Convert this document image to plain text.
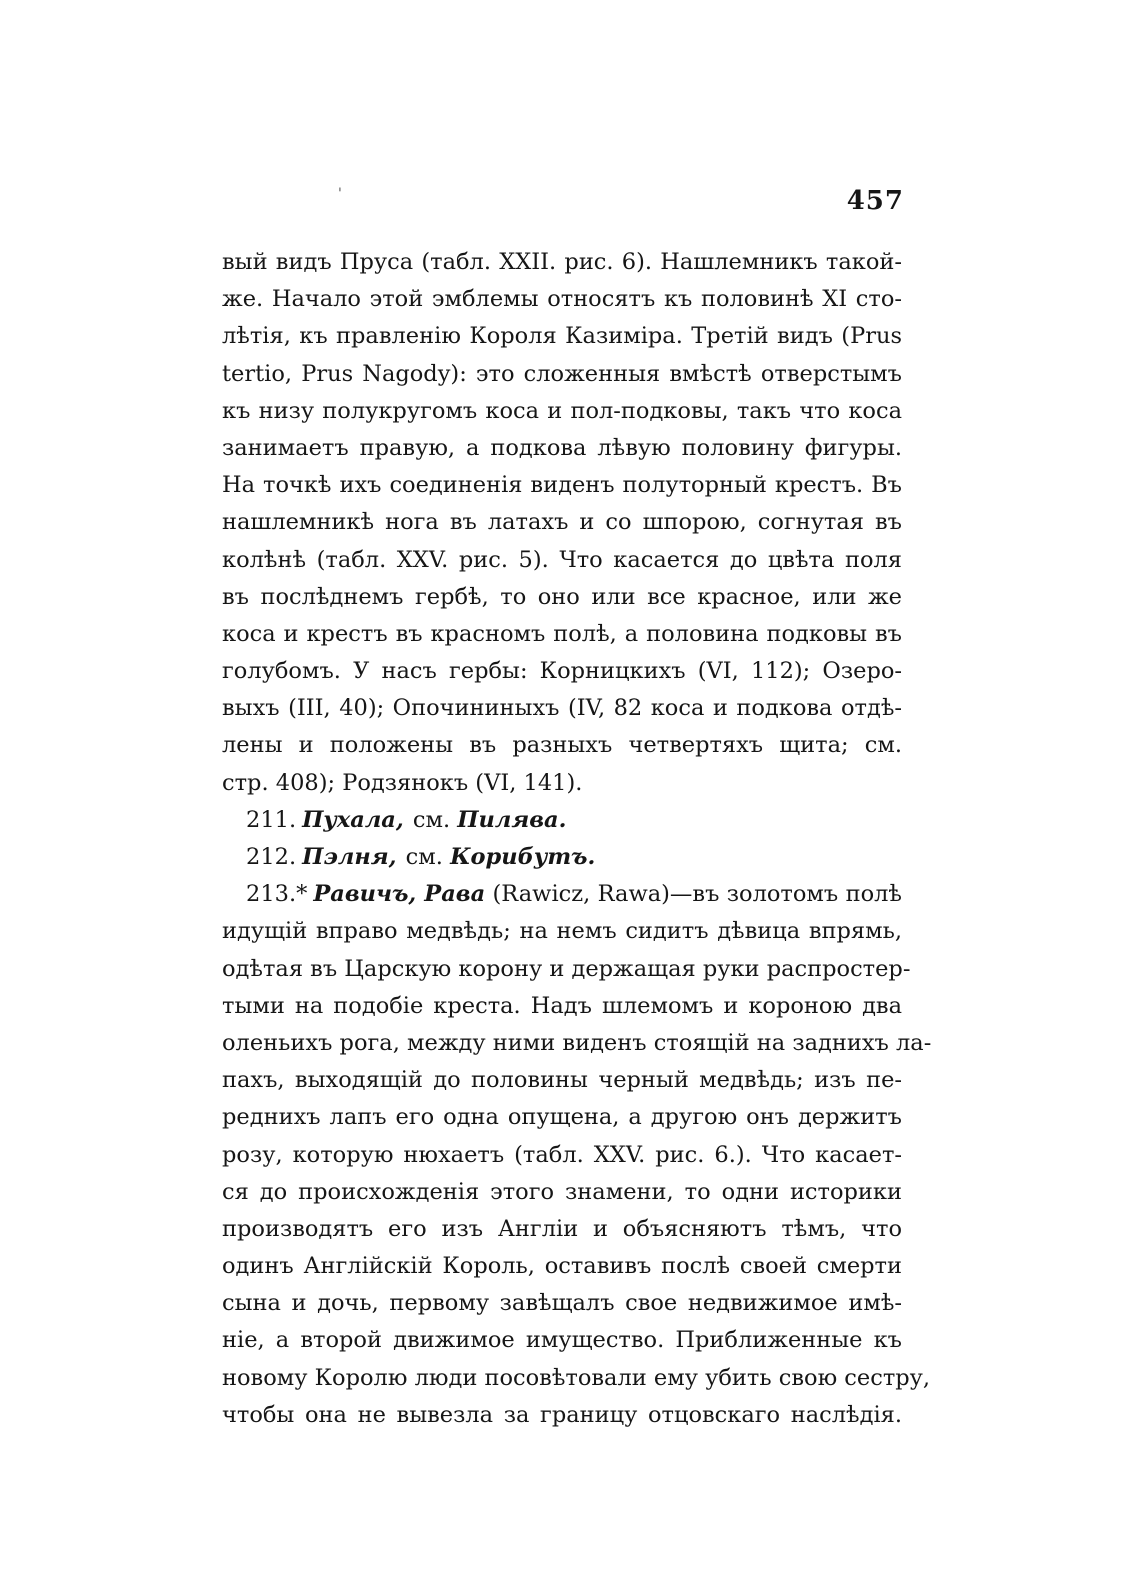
'	457
вый видъ Пруса (табл. XXII. рис. 6). Нашлемникъ такой-
же. Начало этой эмблемы относятъ къ половинѣ XI сто-
лѣтія, къ правленію Короля Казиміра. Третій видъ (Prus
tertio, Prus Nagody): это сложенныя вмѣстѣ отверстымъ
къ низу полукругомъ коса и пол-подковы, такъ что коса
занимаетъ правую, а подкова лѣвую половину фигуры.
На точкѣ ихъ соединенія виденъ полуторный крестъ. Въ
нашлемникѣ нога въ латахъ и со шпорою, согнутая въ
колѣнѣ (табл. XXV. рис. 5). Что касается до цвѣта поля
въ послѣднемъ гербѣ, то оно или все красное, или же
коса и крестъ въ красномъ полѣ, а половина подковы въ
голубомъ. У насъ гербы: Корницкихъ (VI, 112); Озеро-
выхъ (III, 40); Опочининыхъ (IV, 82 коса и подкова отдѣ-
лены и положены въ разныхъ четвертяхъ щита; см.
стр. 408); Родзянокъ (VI, 141).
211. Пухала, см. Пилява.
212. Пэлня, см. Корибутъ.
213.* Равичъ, Рава (Rawicz, Rawa)—въ золотомъ полѣ
идущій вправо медвѣдь; на немъ сидитъ дѣвица впрямь,
одѣтая въ Царскую корону и держащая руки распростер-
тыми на подобіе креста. Надъ шлемомъ и короною два
оленьихъ рога, между ними виденъ стоящій на заднихъ ла-
пахъ, выходящій до половины черный медвѣдь; изъ пе-
реднихъ лапъ его одна опущена, а другою онъ держитъ
розу, которую нюхаетъ (табл. XXV. рис. 6.). Что касает-
ся до происхожденія этого знамени, то одни историки
производятъ его изъ Англіи и объясняютъ тѣмъ, что
одинъ Англійскій Король, оставивъ послѣ своей смерти
сына и дочь, первому завѣщалъ свое недвижимое имѣ-
ніе, а второй движимое имущество. Приближенные къ
новому Королю люди посовѣтовали ему убить свою сестру,
чтобы она не вывезла за границу отцовскаго наслѣдія.
